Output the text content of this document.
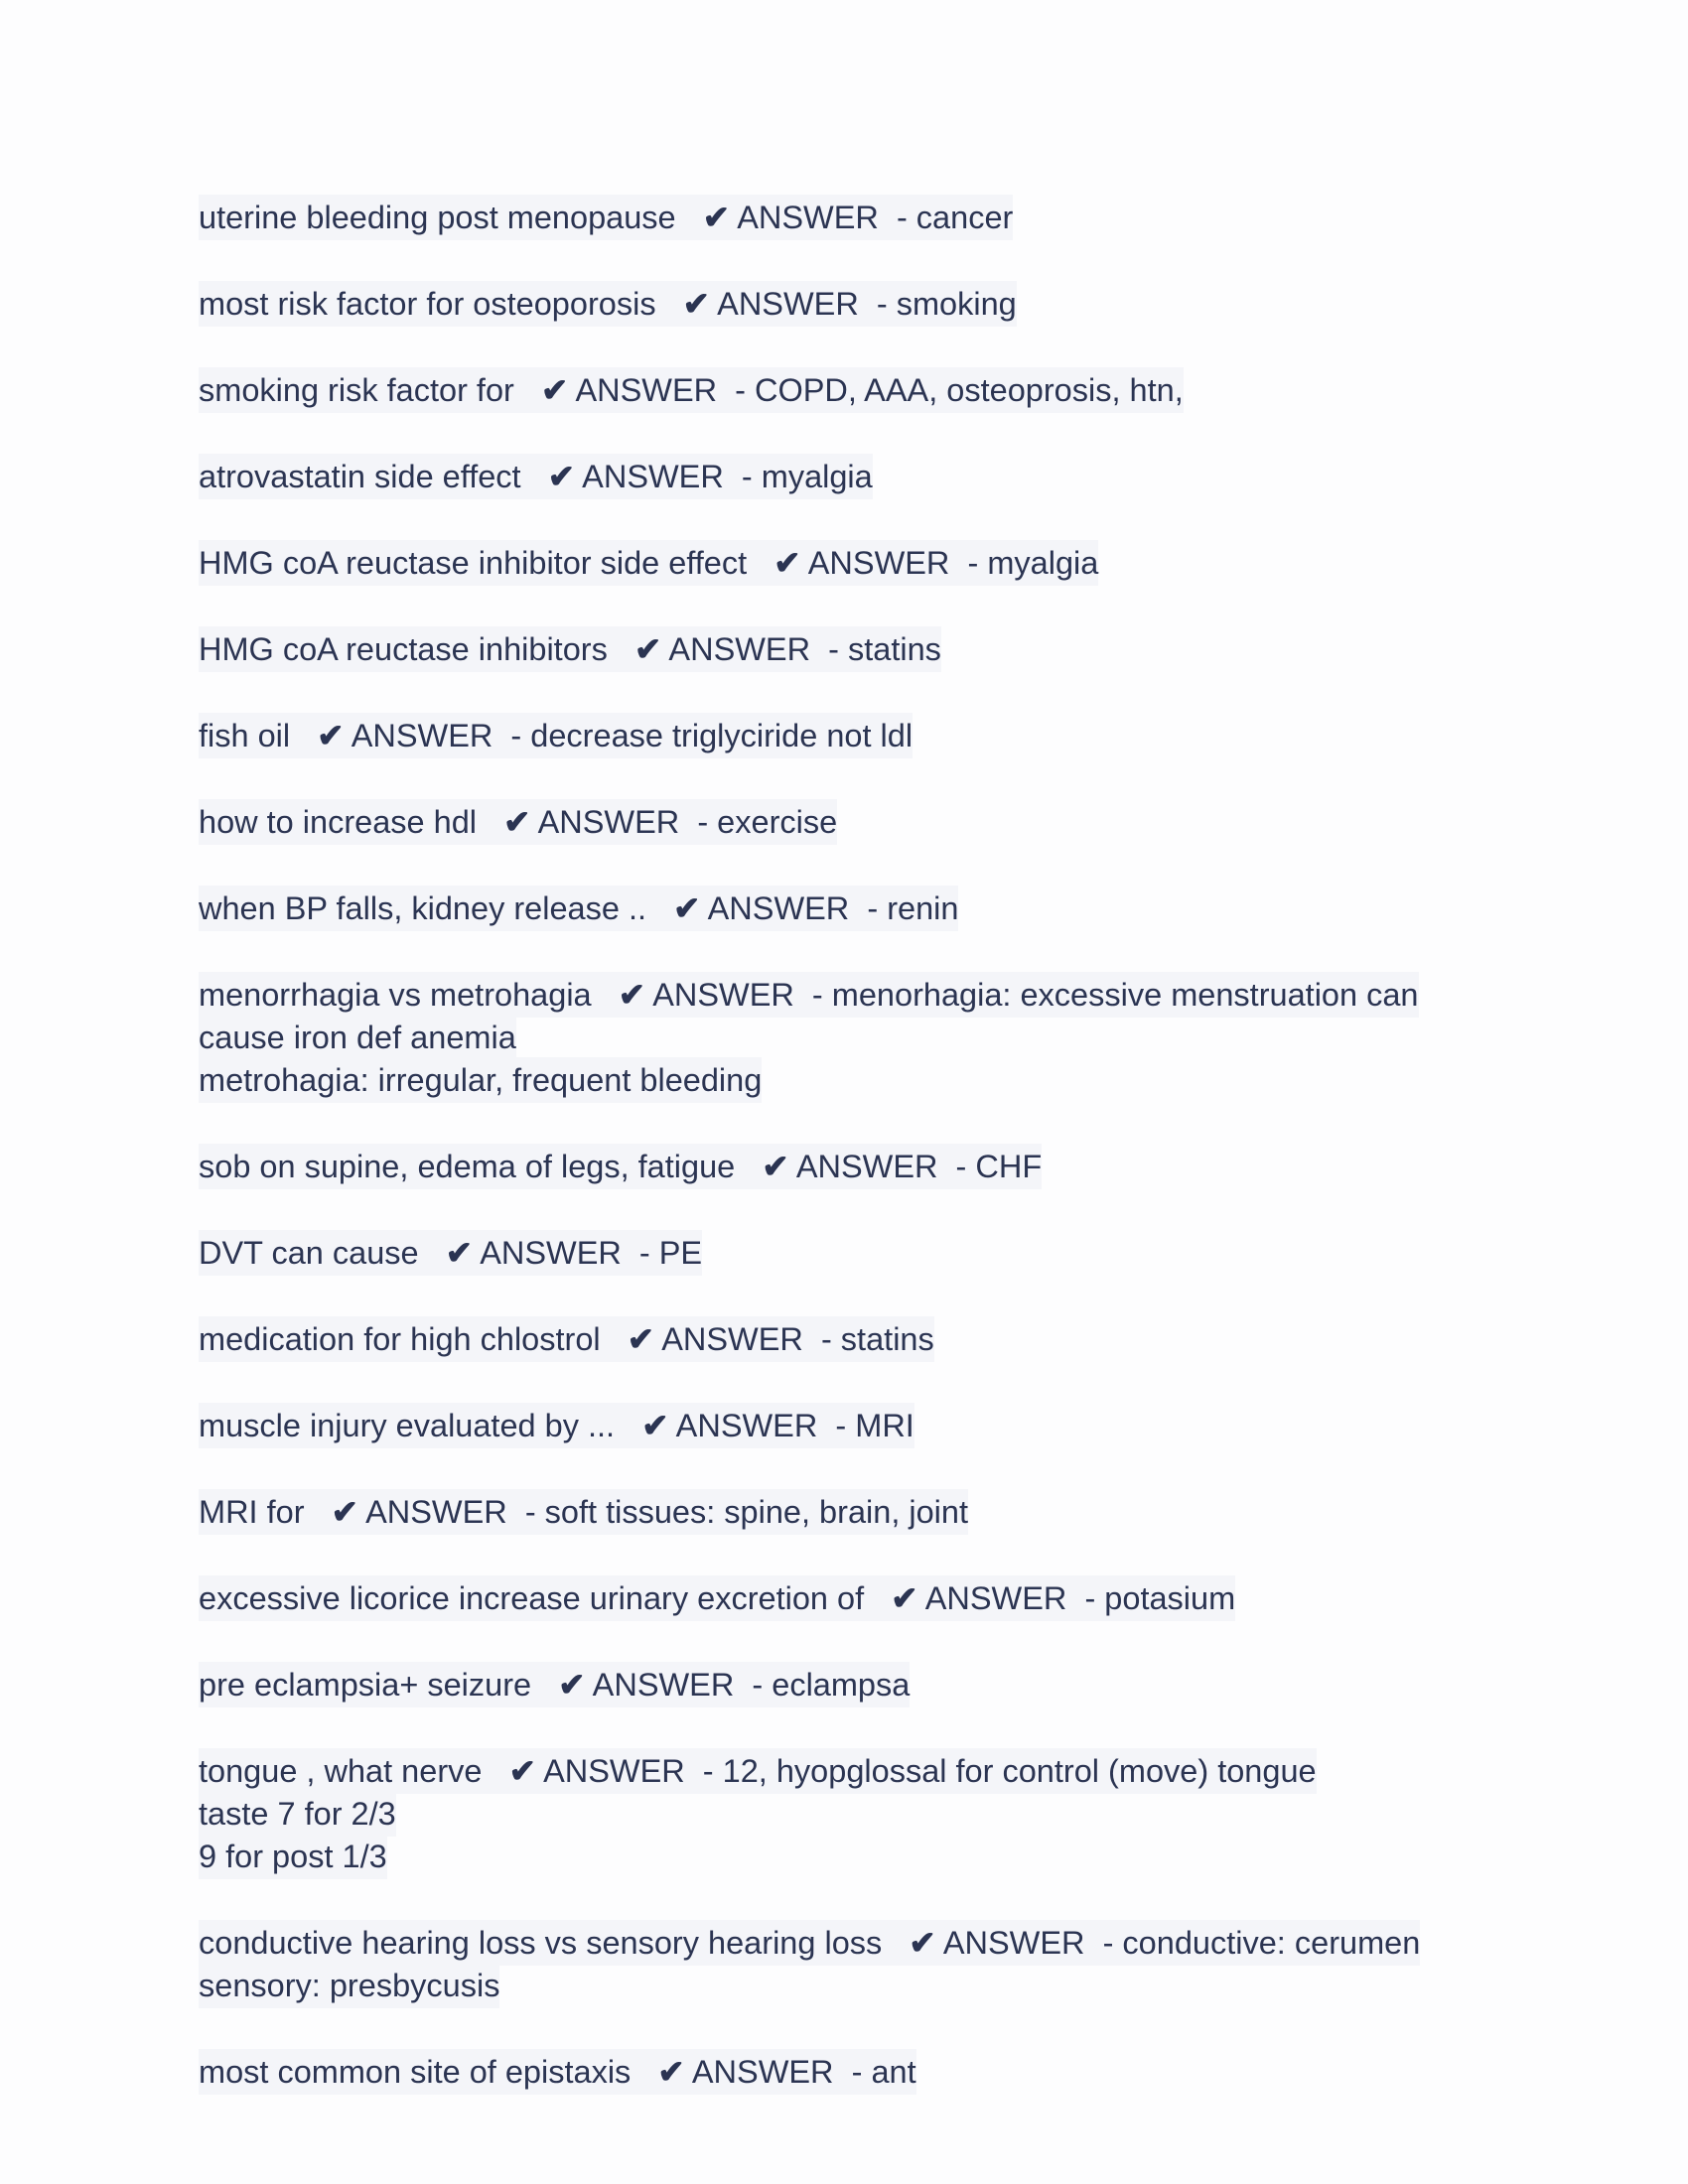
uterine bleeding post menopause ✔ ANSWER - cancer
most risk factor for osteoporosis ✔ ANSWER - smoking
smoking risk factor for ✔ ANSWER - COPD, AAA, osteoprosis, htn,
atrovastatin side effect ✔ ANSWER - myalgia
HMG coA reuctase inhibitor side effect ✔ ANSWER - myalgia
HMG coA reuctase inhibitors ✔ ANSWER - statins
fish oil ✔ ANSWER - decrease triglyciride not ldl
how to increase hdl ✔ ANSWER - exercise
when BP falls, kidney release .. ✔ ANSWER - renin
menorrhagia vs metrohagia ✔ ANSWER - menorhagia: excessive menstruation can
cause iron def anemia
metrohagia: irregular, frequent bleeding
sob on supine, edema of legs, fatigue ✔ ANSWER - CHF
DVT can cause ✔ ANSWER - PE
medication for high chlostrol ✔ ANSWER - statins
muscle injury evaluated by ... ✔ ANSWER - MRI
MRI for ✔ ANSWER - soft tissues: spine, brain, joint
excessive licorice increase urinary excretion of ✔ ANSWER - potasium
pre eclampsia+ seizure ✔ ANSWER - eclampsa
tongue , what nerve ✔ ANSWER - 12, hyopglossal for control (move) tongue
taste 7 for 2/3
9 for post 1/3
conductive hearing loss vs sensory hearing loss ✔ ANSWER - conductive: cerumen
sensory: presbycusis
most common site of epistaxis ✔ ANSWER - ant
